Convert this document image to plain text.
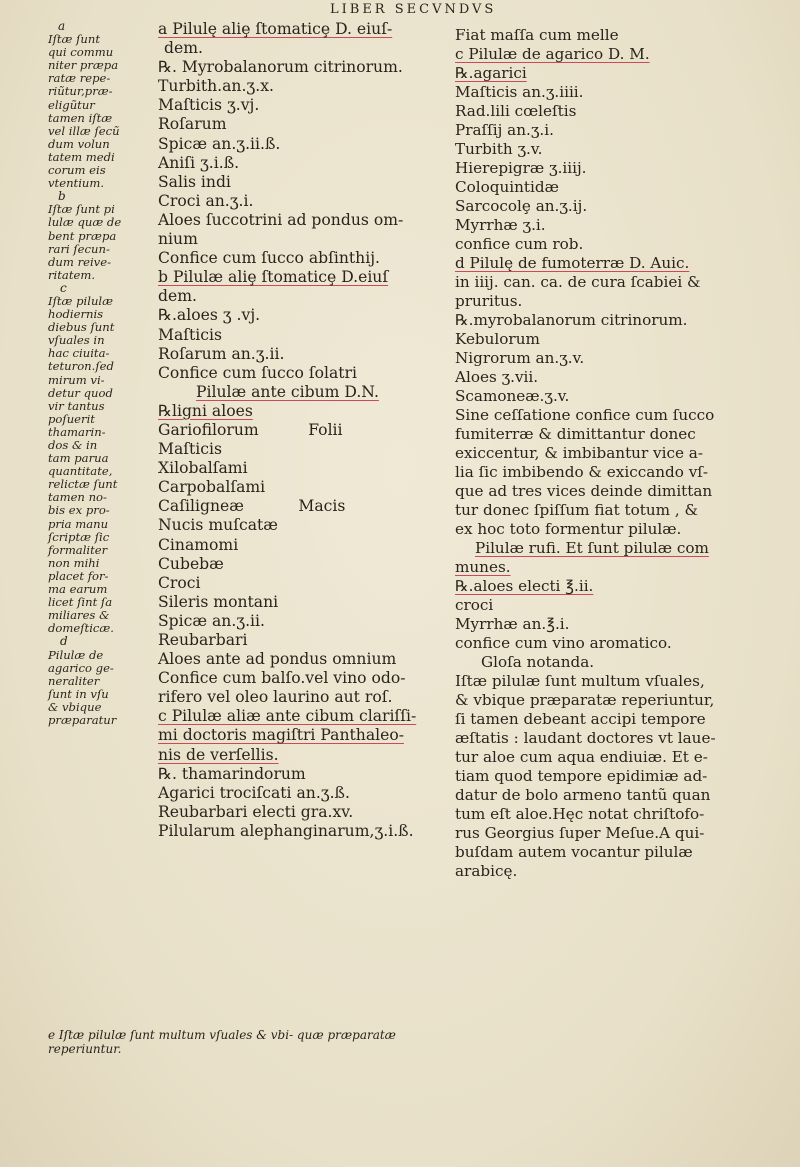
LIBER SECVNDVS
a
Iſtæ ſunt
qui commu
niter præpa
ratæ repe-
riũtur,præ-
eligũtur
tamen iſtæ
vel illæ ſecũ
dum volun
tatem medi
corum eis
vtentium.
b
Iſtæ ſunt pi
lulæ quæ de
bent præpa
rari ſecun-
dum reive-
ritatem.
c
Iſtæ pilulæ
hodiernis
diebus ſunt
vſuales in
hac ciuita-
teturon.ſed
mirum vi-
detur quod
vir tantus
poſuerit
thamarin-
dos & in
tam parua
quantitate,
relictæ ſunt
tamen no-
bis ex pro-
pria manu
ſcriptæ ſic
formaliter
non mihi
placet for-
ma earum
licet ſint ſa
miliares &
domeſticæ.
d
Pilulæ de
agarico ge-
neraliter
ſunt in vſu
& vbique
præparatur
a Pilulę aliȩ ſtomaticȩ D. eiuſ-
dem.
℞. Myrobalanorum citrinorum.
Turbith.an.ʒ.x.
Maſticis ʒ.vj.
Roſarum
Spicæ an.ʒ.ii.ß.
Aniſi ʒ.i.ß.
Salis indi
Croci an.ʒ.i.
Aloes ſuccotrini ad pondus om-
nium
Confice cum ſucco abſinthij.
b Pilulæ aliȩ ſtomaticȩ D.eiuſ
dem.
℞.aloes ʒ .vj.
Maſticis
Roſarum an.ʒ.ii.
Confice cum ſucco ſolatri
Pilulæ ante cibum D.N.
℞ligni aloes
Gariofilorum          Folii
Maſticis
Xilobalſami
Carpobalſami
Caſiligneæ           Macis
Nucis muſcatæ
Cinamomi
Cubebæ
Croci
Sileris montani
Spicæ an.ʒ.ii.
Reubarbari
Aloes ante ad pondus omnium
Confice cum balſo.vel vino odo-
rifero vel oleo laurino aut roſ.
c Pilulæ aliæ ante cibum clariſſi-
mi doctoris magiſtri Panthaleo-
nis de verſellis.
℞. thamarindorum
Agarici trociſcati an.ʒ.ß.
Reubarbari electi gra.xv.
Pilularum alephanginarum,ʒ.i.ß.
e Iſtæ pilulæ ſunt multum vſuales & vbi- quæ præparatæ reperiuntur.
Fiat maſſa cum melle
c Pilulæ de agarico D. M.
℞.agarici
Maſticis an.ʒ.iiii.
Rad.lili cœleſtis
Praſſij an.ʒ.i.
Turbith ʒ.v.
Hierepigræ ʒ.iiij.
Coloquintidæ
Sarcocolȩ an.ʒ.ij.
Myrrhæ ʒ.i.
confice cum rob.
d Pilulę de fumoterræ D. Auic.
in iiij. can. ca. de cura ſcabiei &
pruritus.
℞.myrobalanorum citrinorum.
Kebulorum
Nigrorum an.ʒ.v.
Aloes ʒ.vii.
Scamoneæ.ʒ.v.
Sine ceſſatione confice cum ſucco
fumiterræ & dimittantur donec
exiccentur, & imbibantur vice a-
lia ſic imbibendo & exiccando vſ-
que ad tres vices deinde dimittan
tur donec ſpiſſum fiat totum , &
ex hoc toto formentur pilulæ.
Pilulæ rufi. Et ſunt pilulæ com
munes.
℞.aloes electi ℥.ii.
croci
Myrrhæ an.℥.i.
confice cum vino aromatico.
Gloſa notanda.
Iſtæ pilulæ ſunt multum vſuales,
& vbique præparatæ reperiuntur,
ſi tamen debeant accipi tempore
æſtatis : laudant doctores vt laue-
tur aloe cum aqua endiuiæ. Et e-
tiam quod tempore epidimiæ ad-
datur de bolo armeno tantũ quan
tum eſt aloe.Hęc notat chriſtofo-
rus Georgius ſuper Meſue.A qui-
buſdam autem vocantur pilulæ
arabicę.
